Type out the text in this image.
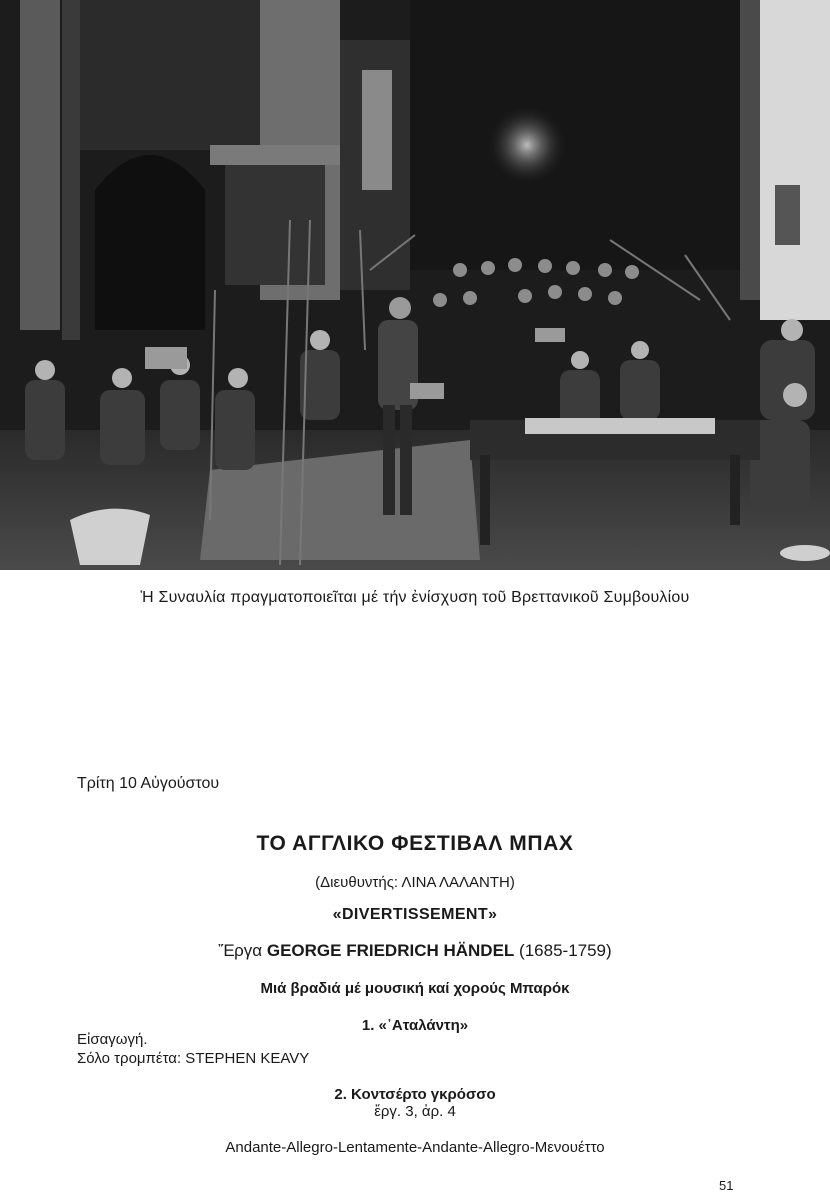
Ἡ Συναυλία πραγματοποιεῖται μέ τήν ἐνίσχυση τοῦ Βρεττανικοῦ Συμβουλίου
Τρίτη 10 Αὐγούστου
ΤΟ ΑΓΓΛΙΚΟ ΦΕΣΤΙΒΑΛ ΜΠΑΧ
(Διευθυντής: ΛΙΝΑ ΛΑΛΑΝΤΗ)
«DIVERTISSEMENT»
Ἔργα GEORGE FRIEDRICH HÄNDEL (1685-1759)
Μιά βραδιά μέ μουσική καί χορούς Μπαρόκ
1. «᾽Αταλάντη»
Εἰσαγωγή.
Σόλο τρομπέτα: STEPHEN KEAVY
2. Κοντσέρτο γκρόσσο
ἔργ. 3, ἀρ. 4
Andante-Allegro-Lentamente-Andante-Allegro-Μενουέττο
51
